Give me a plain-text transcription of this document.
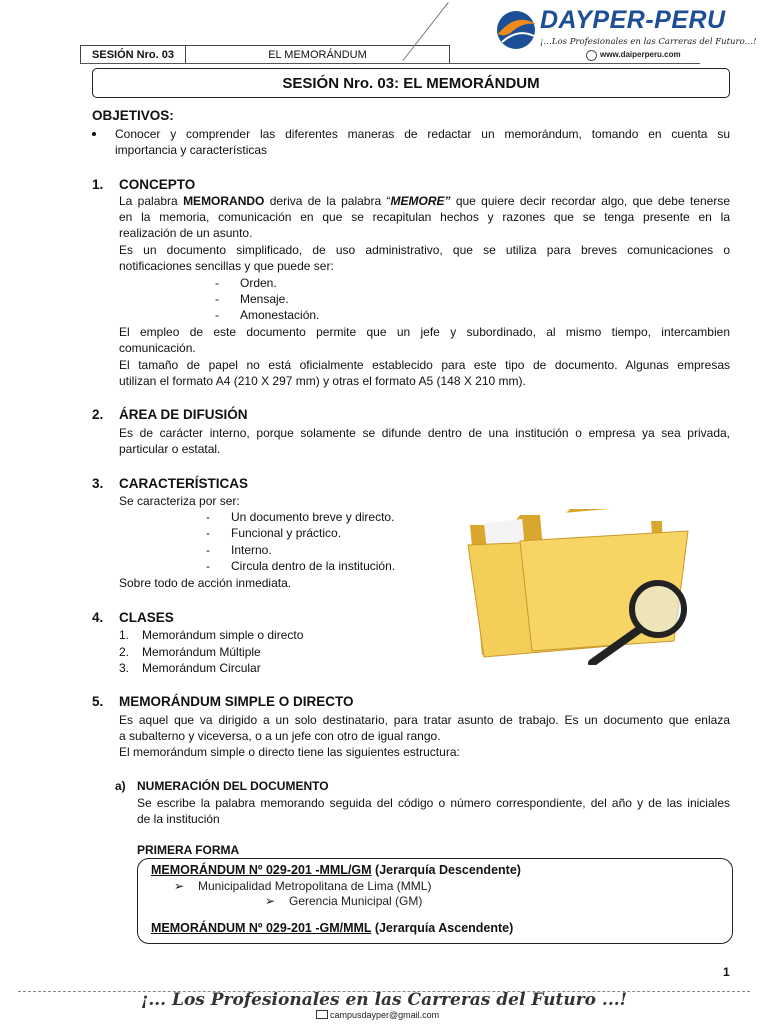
SESIÓN Nro. 03	EL MEMORÁNDUM
DAYPER-PERU
¡…Los Profesionales en las Carreras del Futuro…!
www.daiperperu.com
SESIÓN Nro. 03: EL MEMORÁNDUM
OBJETIVOS:
Conocer y comprender las diferentes maneras de redactar un memorándum, tomando en cuenta su
importancia y características
1. CONCEPTO
La palabra MEMORANDO deriva de la palabra “MEMORE” que quiere decir recordar algo, que debe tenerse
en la memoria, comunicación en que se recapitulan hechos y razones que se tenga presente en la
realización de un asunto.
Es un documento simplificado, de uso administrativo, que se utiliza para breves comunicaciones o
notificaciones sencillas y que puede ser:
- Orden.
- Mensaje.
- Amonestación.
El empleo de este documento permite que un jefe y subordinado, al mismo tiempo, intercambien
comunicación.
El tamaño de papel no está oficialmente establecido para este tipo de documento. Algunas empresas
utilizan el formato A4 (210 X 297 mm) y otras el formato A5 (148 X 210 mm).
2. ÁREA DE DIFUSIÓN
Es de carácter interno, porque solamente se difunde dentro de una institución o empresa ya sea privada,
particular o estatal.
3. CARACTERÍSTICAS
Se caracteriza por ser:
- Un documento breve y directo.
- Funcional y práctico.
- Interno.
- Circula dentro de la institución.
Sobre todo de acción inmediata.
4. CLASES
1. Memorándum simple o directo
2. Memorándum Múltiple
3. Memorándum Circular
5. MEMORÁNDUM SIMPLE O DIRECTO
Es aquel que va dirigido a un solo destinatario, para tratar asunto de trabajo. Es un documento que enlaza
a subalterno y viceversa, o a un jefe con otro de igual rango.
El memorándum simple o directo tiene las siguientes estructura:
a) NUMERACIÓN DEL DOCUMENTO
Se escribe la palabra memorando seguida del código o número correspondiente, del año y de las iniciales
de la institución
PRIMERA FORMA
MEMORÁNDUM Nº 029-201 -MML/GM (Jerarquía Descendente)
➢ Municipalidad Metropolitana de Lima (MML)
➢ Gerencia Municipal (GM)
MEMORÁNDUM Nº 029-201 -GM/MML (Jerarquía Ascendente)
1
¡... Los Profesionales en las Carreras del Futuro ...!
campusdayper@gmail.com
